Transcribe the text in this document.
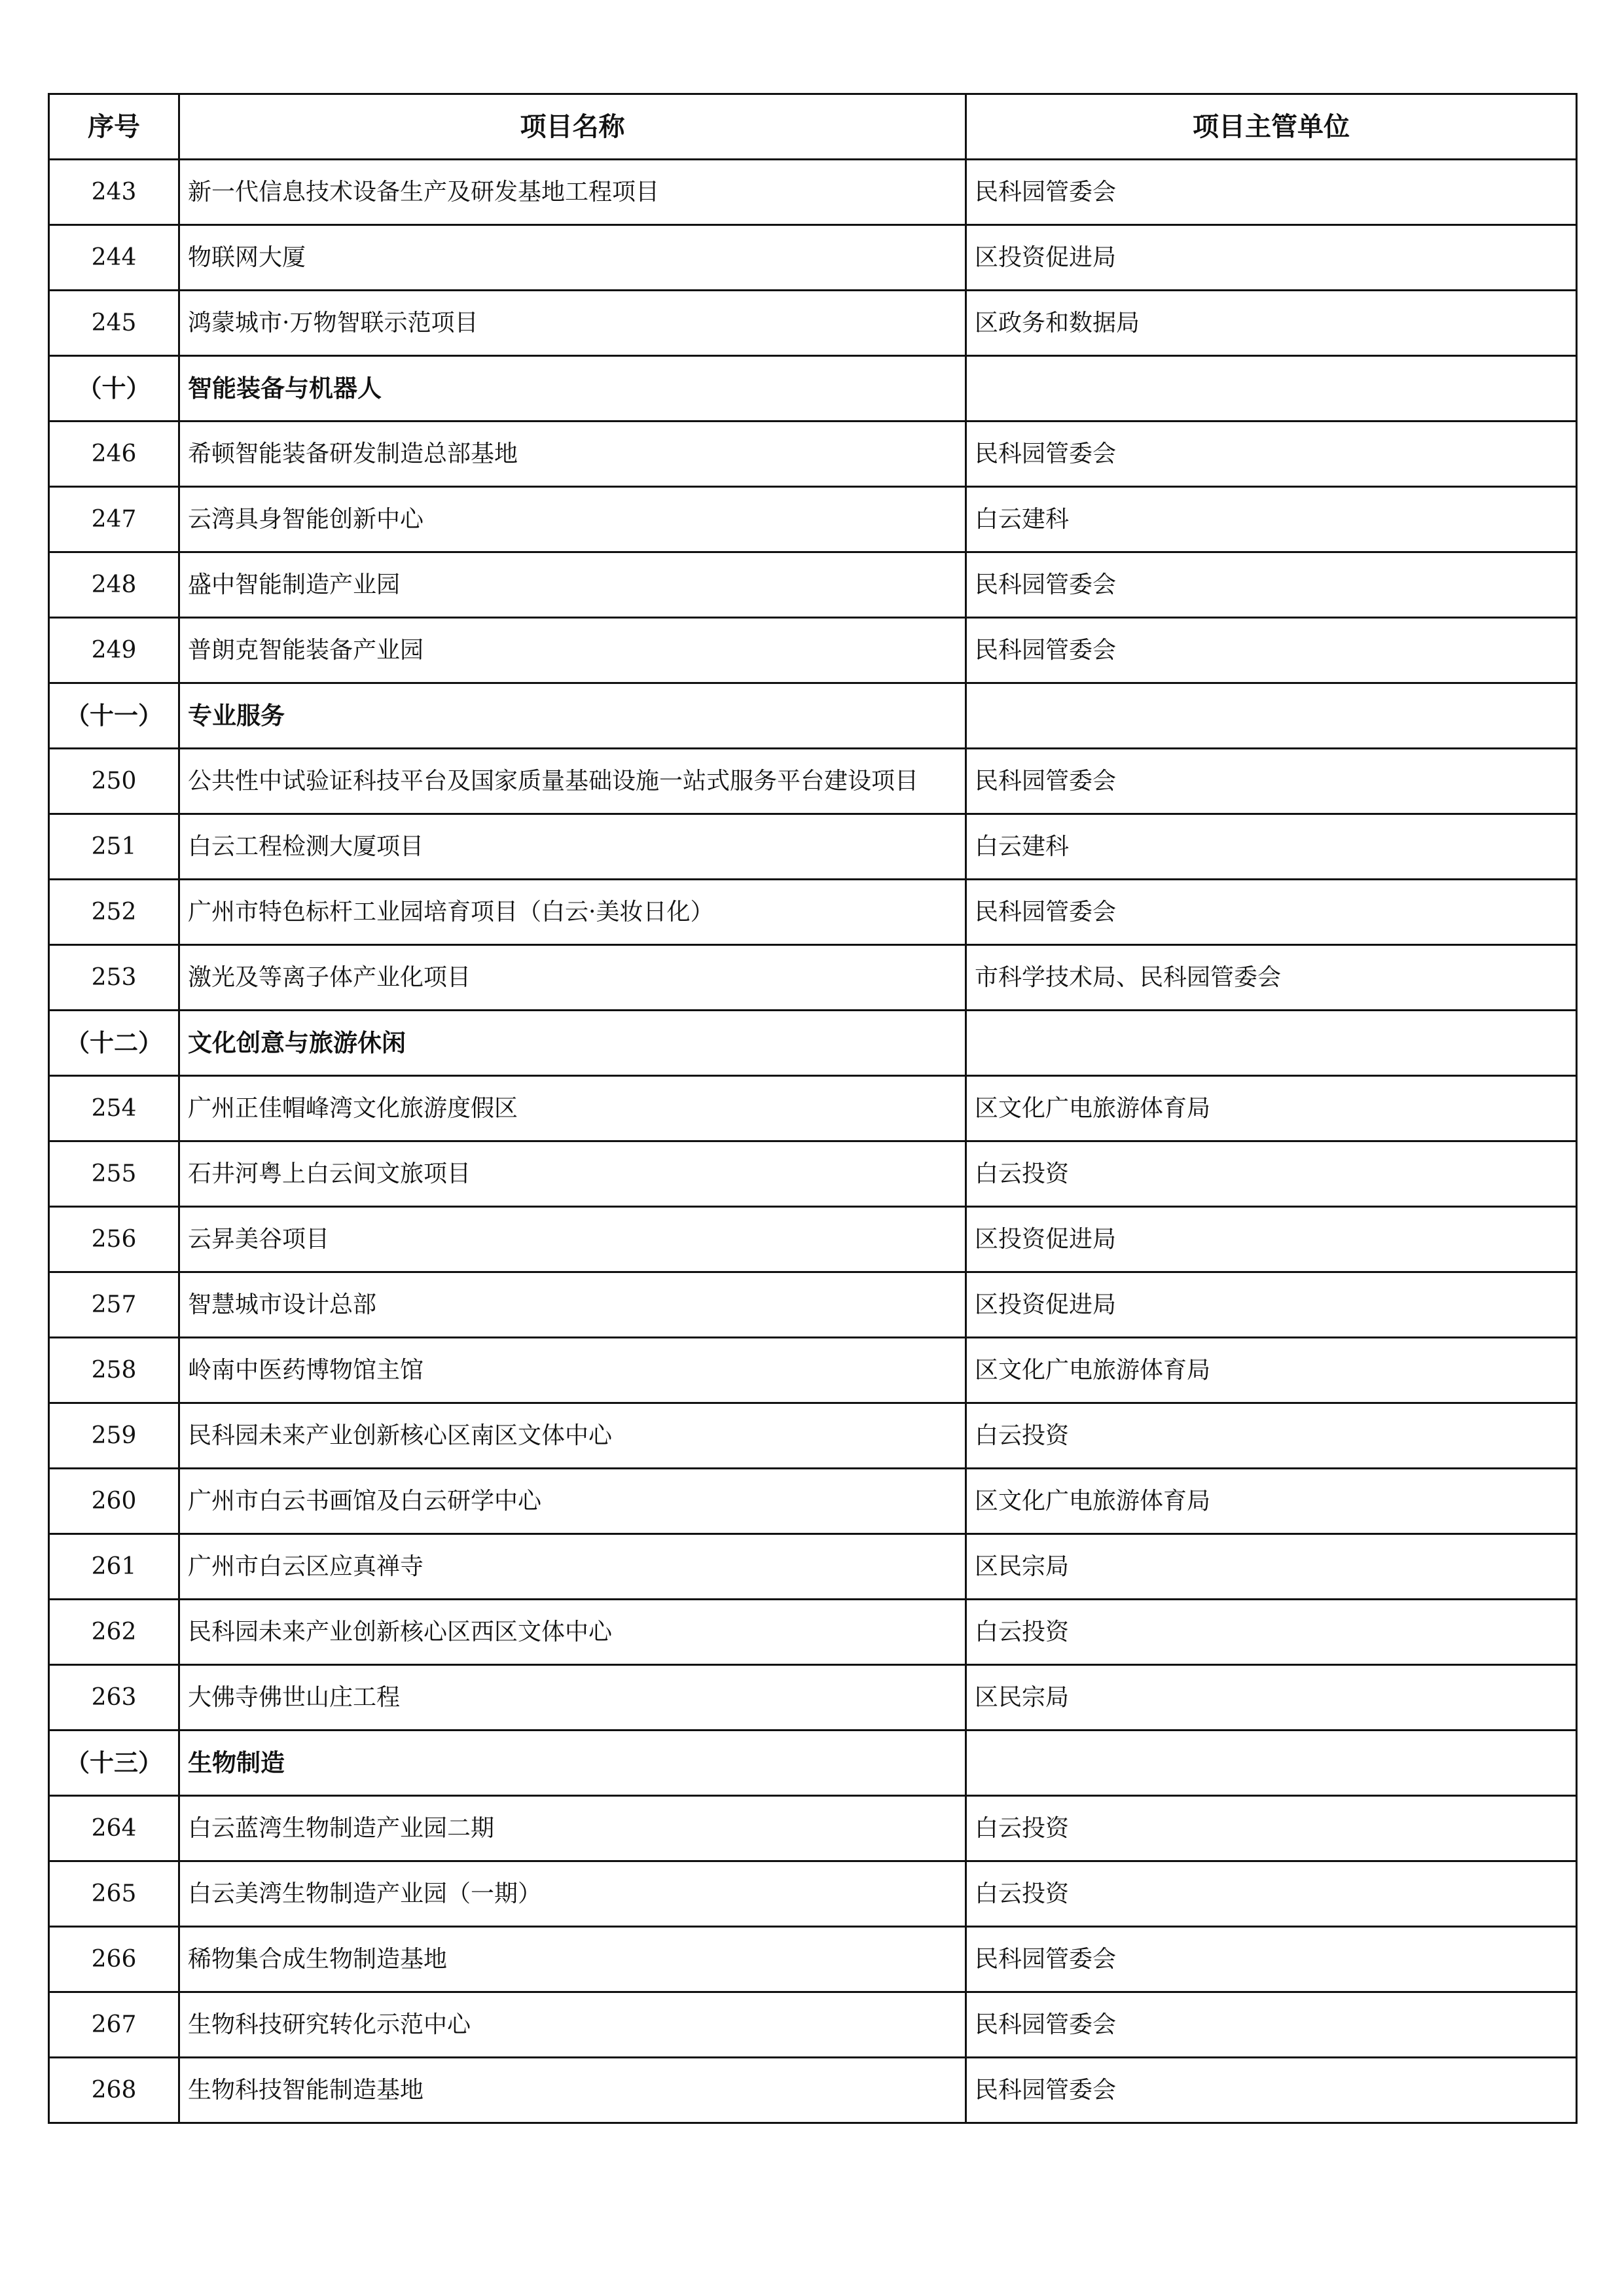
序号	项目名称	项目主管单位
243	新一代信息技术设备生产及研发基地工程项目	民科园管委会
244	物联网大厦	区投资促进局
245	鸿蒙城市·万物智联示范项目	区政务和数据局
（十）	智能装备与机器人	
246	希顿智能装备研发制造总部基地	民科园管委会
247	云湾具身智能创新中心	白云建科
248	盛中智能制造产业园	民科园管委会
249	普朗克智能装备产业园	民科园管委会
（十一）	专业服务	
250	公共性中试验证科技平台及国家质量基础设施一站式服务平台建设项目	民科园管委会
251	白云工程检测大厦项目	白云建科
252	广州市特色标杆工业园培育项目（白云·美妆日化）	民科园管委会
253	激光及等离子体产业化项目	市科学技术局、民科园管委会
（十二）	文化创意与旅游休闲	
254	广州正佳帽峰湾文化旅游度假区	区文化广电旅游体育局
255	石井河粤上白云间文旅项目	白云投资
256	云昇美谷项目	区投资促进局
257	智慧城市设计总部	区投资促进局
258	岭南中医药博物馆主馆	区文化广电旅游体育局
259	民科园未来产业创新核心区南区文体中心	白云投资
260	广州市白云书画馆及白云研学中心	区文化广电旅游体育局
261	广州市白云区应真禅寺	区民宗局
262	民科园未来产业创新核心区西区文体中心	白云投资
263	大佛寺佛世山庄工程	区民宗局
（十三）	生物制造	
264	白云蓝湾生物制造产业园二期	白云投资
265	白云美湾生物制造产业园（一期）	白云投资
266	稀物集合成生物制造基地	民科园管委会
267	生物科技研究转化示范中心	民科园管委会
268	生物科技智能制造基地	民科园管委会
